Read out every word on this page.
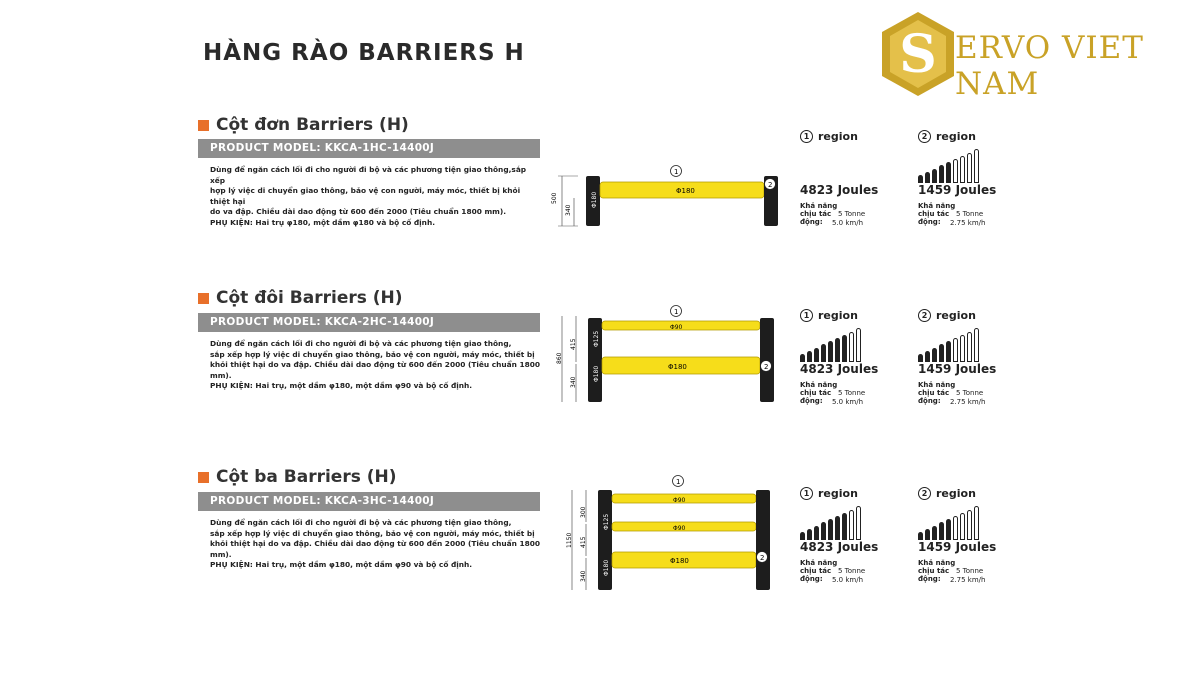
HÀNG RÀO BARRIERS H	S ERVO VIET NAM
Cột đơn Barriers (H)
PRODUCT MODEL: KKCA-1HC-14400J
Dùng để ngăn cách lối đi cho người đi bộ và các phương tiện giao thông,sắp xếp
hợp lý việc di chuyển giao thông, bảo vệ con người, máy móc, thiết bị khỏi thiệt hại
do va đập. Chiều dài dao động từ 600 đến 2000 (Tiêu chuẩn 1800 mm).
PHỤ KIỆN: Hai trụ φ180, một dầm φ180 và bộ cố định.
500
340
Φ180
Φ180
1
2
1 region
4823 Joules
Khả năng chịu tác động:
5 Tonne
5.0 km/h
2 region
1459 Joules
Khả năng chịu tác động:
5 Tonne
2.75 km/h
Cột đôi Barriers (H)
PRODUCT MODEL: KKCA-2HC-14400J
Dùng để ngăn cách lối đi cho người đi bộ và các phương tiện giao thông,
sắp xếp hợp lý việc di chuyển giao thông, bảo vệ con người, máy móc, thiết bị
khỏi thiệt hại do va đập. Chiều dài dao động từ 600 đến 2000 (Tiêu chuẩn 1800 mm).
PHỤ KIỆN: Hai trụ, một dầm φ180, một dầm φ90 và bộ cố định.
860
415
340
Φ125
Φ180
Φ90
Φ180
1
2
1 region
4823 Joules
Khả năng chịu tác động:
5 Tonne
5.0 km/h
2 region
1459 Joules
Khả năng chịu tác động:
5 Tonne
2.75 km/h
Cột ba Barriers (H)
PRODUCT MODEL: KKCA-3HC-14400J
Dùng để ngăn cách lối đi cho người đi bộ và các phương tiện giao thông,
sắp xếp hợp lý việc di chuyển giao thông, bảo vệ con người, máy móc, thiết bị
khỏi thiệt hại do va đập. Chiều dài dao động từ 600 đến 2000 (Tiêu chuẩn 1800 mm).
PHỤ KIỆN: Hai trụ, một dầm φ180, một dầm φ90 và bộ cố định.
1150
300
415
340
Φ125
Φ180
Φ90
Φ90
Φ180
1
2
1 region
4823 Joules
Khả năng chịu tác động:
5 Tonne
5.0 km/h
2 region
1459 Joules
Khả năng chịu tác động:
5 Tonne
2.75 km/h
